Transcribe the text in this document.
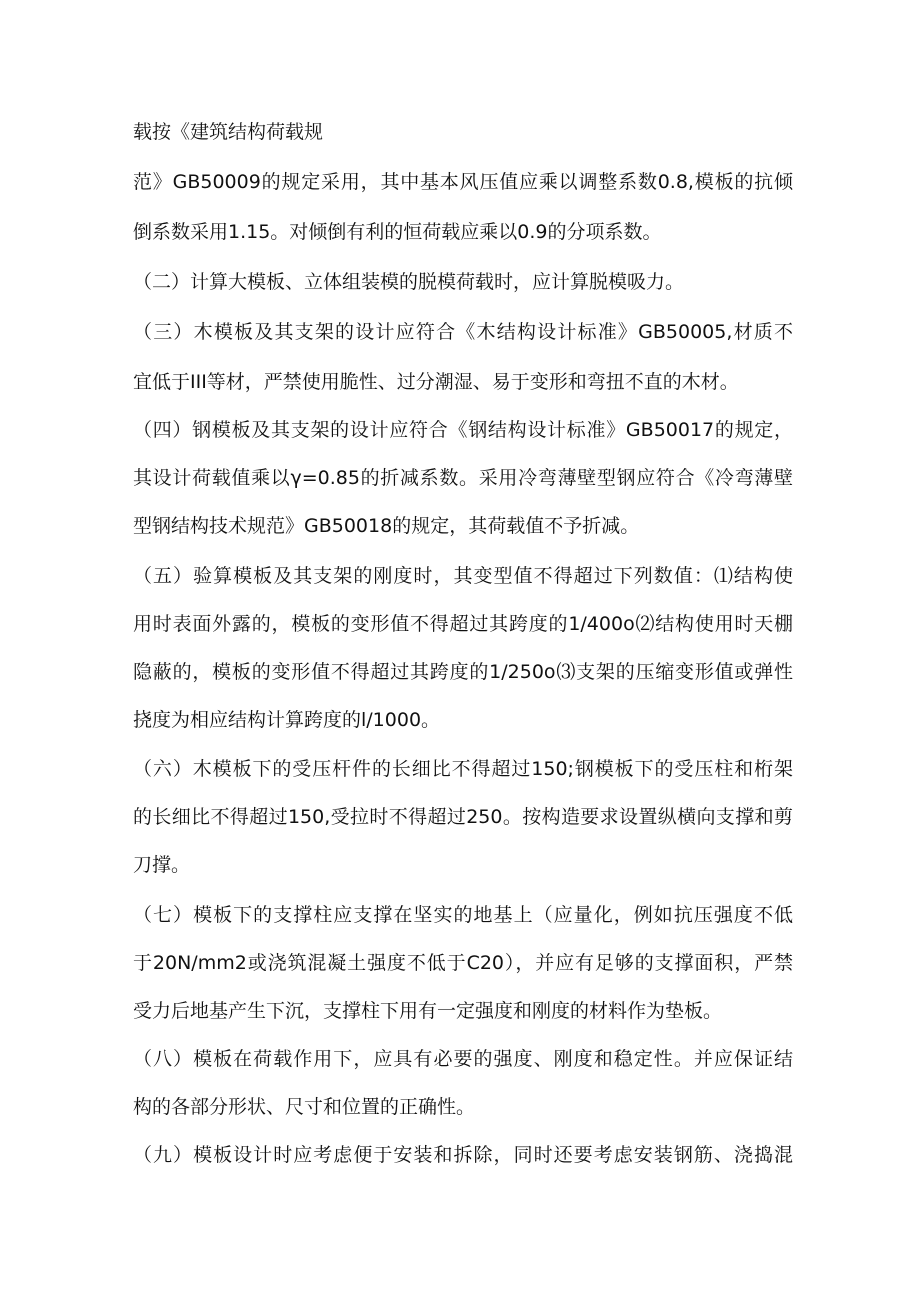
载按《建筑结构荷载规
范》GB50009的规定采用，其中基本风压值应乘以调整系数0.8,模板的抗倾
倒系数采用1.15。对倾倒有利的恒荷载应乘以0.9的分项系数。
（二）计算大模板、立体组装模的脱模荷载时，应计算脱模吸力。
（三）木模板及其支架的设计应符合《木结构设计标准》GB50005,材质不
宜低于III等材，严禁使用脆性、过分潮湿、易于变形和弯扭不直的木材。
（四）钢模板及其支架的设计应符合《钢结构设计标准》GB50017的规定，
其设计荷载值乘以γ=0.85的折减系数。采用冷弯薄壁型钢应符合《冷弯薄壁
型钢结构技术规范》GB50018的规定，其荷载值不予折减。
（五）验算模板及其支架的刚度时，其变型值不得超过下列数值：⑴结构使
用时表面外露的，模板的变形值不得超过其跨度的1/400o⑵结构使用时天棚
隐蔽的，模板的变形值不得超过其跨度的1/250o⑶支架的压缩变形值或弹性
挠度为相应结构计算跨度的l/1000。
（六）木模板下的受压杆件的长细比不得超过150;钢模板下的受压柱和桁架
的长细比不得超过150,受拉时不得超过250。按构造要求设置纵横向支撑和剪
刀撑。
（七）模板下的支撑柱应支撑在坚实的地基上（应量化，例如抗压强度不低
于20N/mm2或浇筑混凝土强度不低于C20），并应有足够的支撑面积，严禁
受力后地基产生下沉，支撑柱下用有一定强度和刚度的材料作为垫板。
（八）模板在荷载作用下，应具有必要的强度、刚度和稳定性。并应保证结
构的各部分形状、尺寸和位置的正确性。
（九）模板设计时应考虑便于安装和拆除，同时还要考虑安装钢筋、浇捣混
